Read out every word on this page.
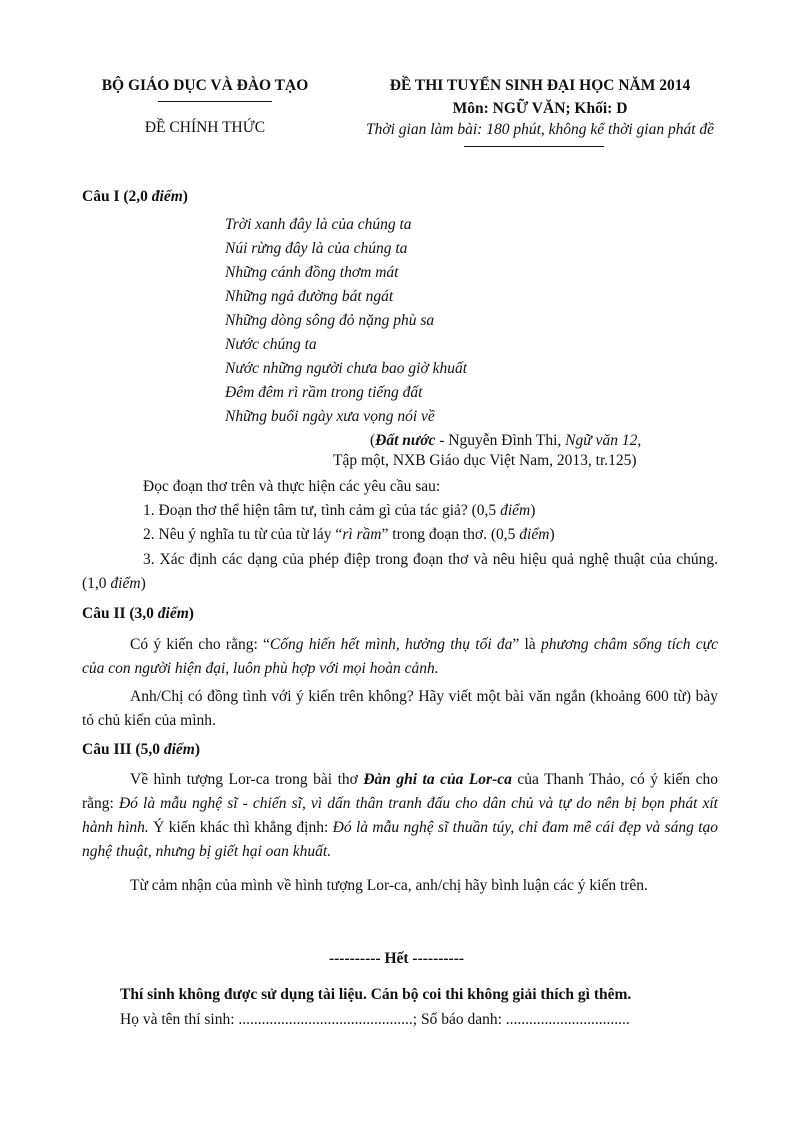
BỘ GIÁO DỤC VÀ ĐÀO TẠO
ĐỀ CHÍNH THỨC
ĐỀ THI TUYỂN SINH ĐẠI HỌC NĂM 2014
Môn: NGỮ VĂN; Khối: D
Thời gian làm bài: 180 phút, không kể thời gian phát đề
Câu I (2,0 điểm)
Trời xanh đây là của chúng ta
Núi rừng đây là của chúng ta
Những cánh đồng thơm mát
Những ngả đường bát ngát
Những dòng sông đỏ nặng phù sa
Nước chúng ta
Nước những người chưa bao giờ khuất
Đêm đêm rì rầm trong tiếng đất
Những buổi ngày xưa vọng nói về
(Đất nước - Nguyễn Đình Thi, Ngữ văn 12,
Tập một, NXB Giáo dục Việt Nam, 2013, tr.125)
Đọc đoạn thơ trên và thực hiện các yêu cầu sau:
1. Đoạn thơ thể hiện tâm tư, tình cảm gì của tác giả? (0,5 điểm)
2. Nêu ý nghĩa tu từ của từ láy “rì rầm” trong đoạn thơ. (0,5 điểm)
3. Xác định các dạng của phép điệp trong đoạn thơ và nêu hiệu quả nghệ thuật của chúng. (1,0 điểm)
Câu II (3,0 điểm)
Có ý kiến cho rằng: “Cống hiến hết mình, hưởng thụ tối đa” là phương châm sống tích cực của con người hiện đại, luôn phù hợp với mọi hoàn cảnh.
Anh/Chị có đồng tình với ý kiến trên không? Hãy viết một bài văn ngắn (khoảng 600 từ) bày tỏ chủ kiến của mình.
Câu III (5,0 điểm)
Về hình tượng Lor-ca trong bài thơ Đàn ghi ta của Lor-ca của Thanh Thảo, có ý kiến cho rằng: Đó là mẫu nghệ sĩ - chiến sĩ, vì dấn thân tranh đấu cho dân chủ và tự do nên bị bọn phát xít hành hình. Ý kiến khác thì khẳng định: Đó là mẫu nghệ sĩ thuần túy, chỉ đam mê cái đẹp và sáng tạo nghệ thuật, nhưng bị giết hại oan khuất.
Từ cảm nhận của mình về hình tượng Lor-ca, anh/chị hãy bình luận các ý kiến trên.
---------- Hết ----------
Thí sinh không được sử dụng tài liệu. Cán bộ coi thi không giải thích gì thêm.
Họ và tên thí sinh: .............................................; Số báo danh: ................................
